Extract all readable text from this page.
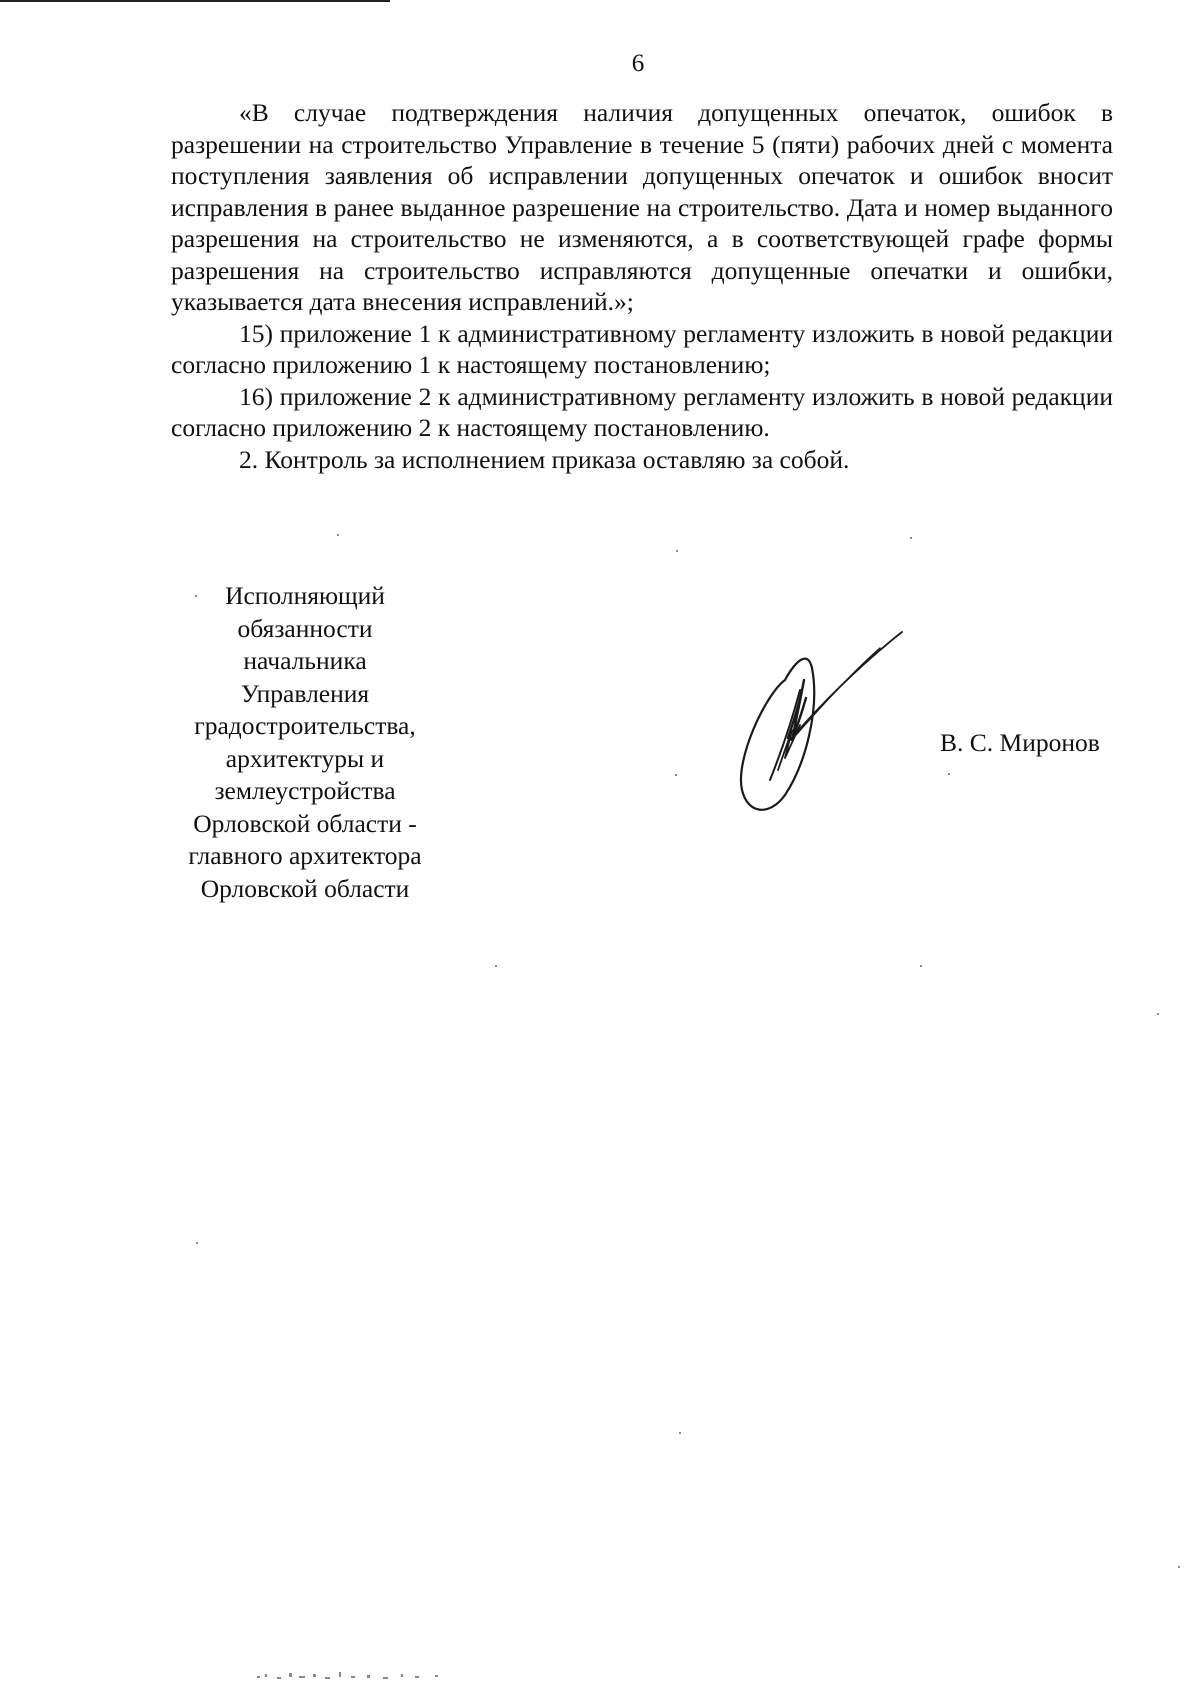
6

«В случае подтверждения наличия допущенных опечаток, ошибок в разрешении на строительство Управление в течение 5 (пяти) рабочих дней с момента поступления заявления об исправлении допущенных опечаток и ошибок вносит исправления в ранее выданное разрешение на строительство. Дата и номер выданного разрешения на строительство не изменяются, а в соответствующей графе формы разрешения на строительство исправляются допущенные опечатки и ошибки, указывается дата внесения исправлений.»;

15) приложение 1 к административному регламенту изложить в новой редакции согласно приложению 1 к настоящему постановлению;

16) приложение 2 к административному регламенту изложить в новой редакции согласно приложению 2 к настоящему постановлению.

2. Контроль за исполнением приказа оставляю за собой.

Исполняющий
обязанности
начальника
Управления
градостроительства,
архитектуры и
землеустройства
Орловской области -
главного архитектора
Орловской области
В. С. Миронов
